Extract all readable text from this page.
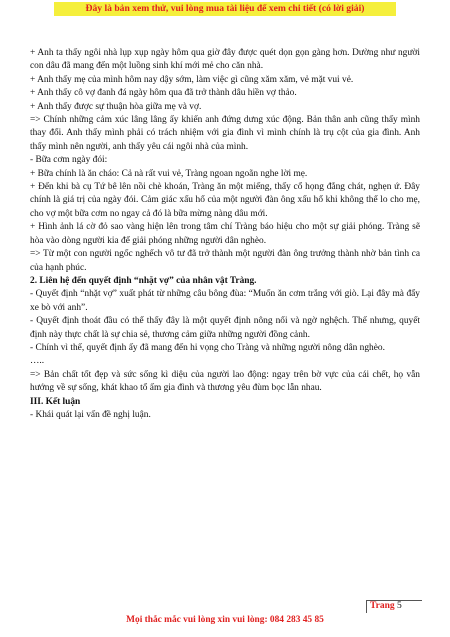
Đây là bản xem thử, vui lòng mua tài liệu để xem chi tiết (có lời giải)

+ Anh ta thấy ngôi nhà lụp xụp ngày hôm qua giờ đây được quét dọn gọn gàng hơn. Dường như người con dâu đã mang đến một luồng sinh khí mới mẻ cho căn nhà.

+ Anh thấy mẹ của mình hôm nay dậy sớm, làm việc gì cũng xăm xăm, vẻ mặt vui vẻ.

+ Anh thấy cô vợ đanh đá ngày hôm qua đã trở thành dâu hiền vợ thảo.

+ Anh thấy được sự thuận hòa giữa mẹ và vợ.

=> Chính những cảm xúc lâng lâng ấy khiến anh đứng dưng xúc động. Bản thân anh cũng thấy mình thay đổi. Anh thấy mình phải có trách nhiệm với gia đình vì mình chính là trụ cột của gia đình. Anh thấy mình nên người, anh thấy yêu cái ngôi nhà của mình.

- Bữa cơm ngày đói:

+ Bữa chính là ăn cháo: Cả nà rất vui vẻ, Tràng ngoan ngoãn nghe lời mẹ.

+ Đến khi bà cụ Tứ bê lên nồi chè khoán, Tràng ăn một miếng, thấy cổ họng đắng chát, nghẹn ứ. Đây chính là giá trị của ngày đói. Cảm giác xấu hổ của một người đàn ông xấu hổ khi không thể lo cho mẹ, cho vợ một bữa cơm no ngay cả đó là bữa mừng nàng dâu mới.

+ Hình ảnh lá cờ đỏ sao vàng hiện lên trong tâm chí Tràng báo hiệu cho một sự giải phóng. Tràng sẽ hòa vào dòng người kia để giải phóng những người dân nghèo.

=> Từ một con người ngốc nghếch vô tư đã trở thành một người đàn ông trưởng thành nhờ bản tình ca của hạnh phúc.

2. Liên hệ đến quyết định “nhặt vợ” của nhân vật Tràng.

- Quyết định “nhặt vợ” xuất phát từ những câu bông đùa: “Muốn ăn cơm trắng với giò. Lại đây mà đẩy xe bò với anh”.

- Quyết định thoát đầu có thể thấy đây là một quyết định nông nổi và ngờ nghệch. Thế nhưng, quyết định này thực chất là sự chia sẻ, thương cảm giữa những người đồng cảnh.

- Chính vì thế, quyết định ấy đã mang đến hi vọng cho Tràng và những người nông dân nghèo.

…..

=> Bản chất tốt đẹp và sức sống kì diệu của người lao động: ngay trên bờ vực của cái chết, họ vẫn hướng về sự sống, khát khao tổ ấm gia đình và thương yêu đùm bọc lẫn nhau.

III. Kết luận

- Khái quát lại vấn đề nghị luận.

Trang 5
Mọi thắc mắc vui lòng xin vui lòng: 084 283 45 85
